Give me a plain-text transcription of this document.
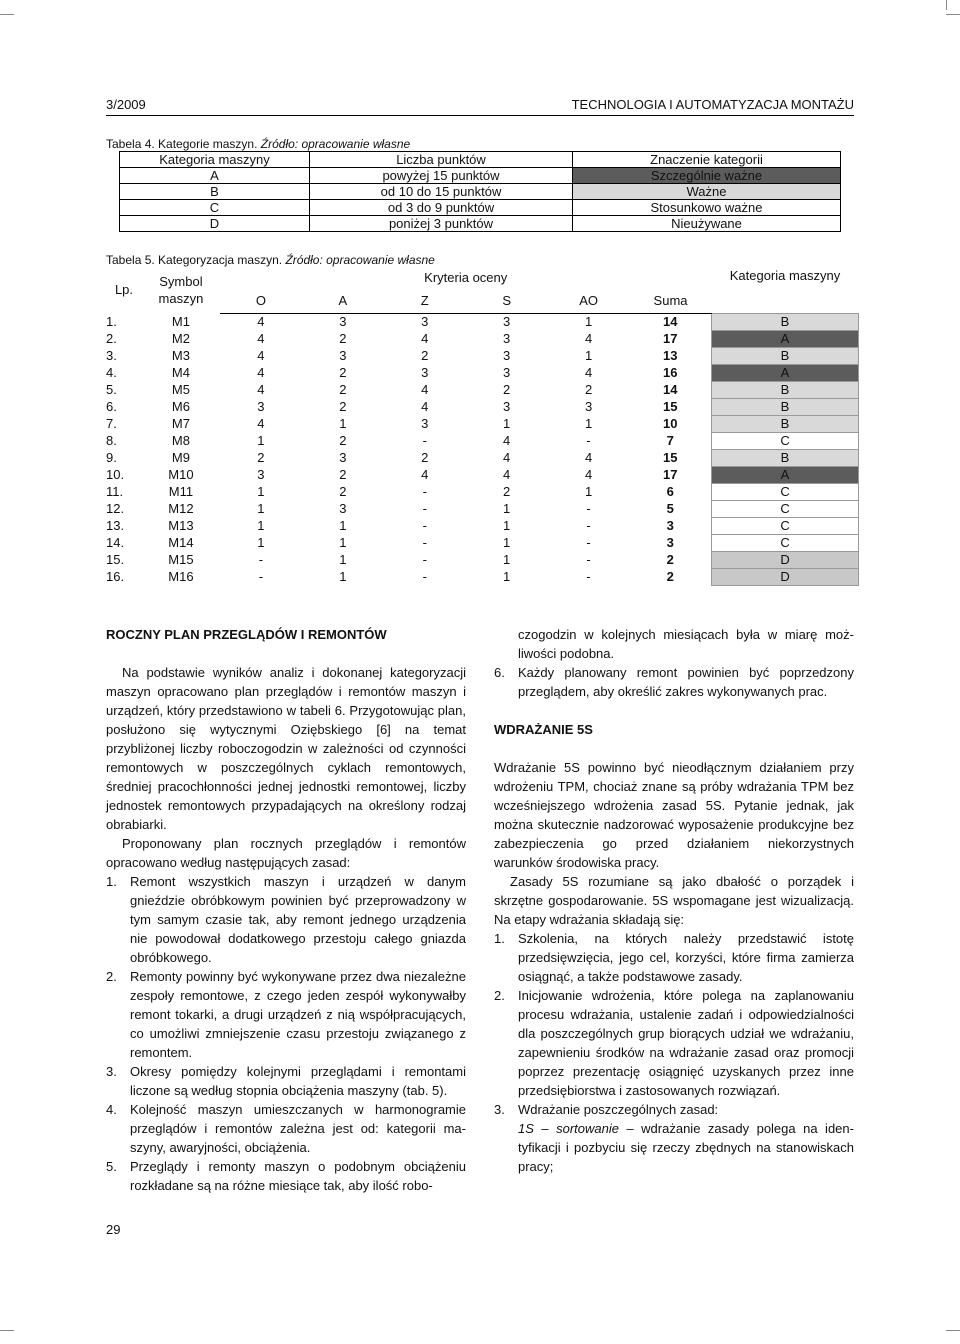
3/2009	TECHNOLOGIA I AUTOMATYZACJA MONTAŻU
Tabela 4. Kategorie maszyn. Źródło: opracowanie własne
Kategoria maszyny	Liczba punktów	Znaczenie kategorii
A	powyżej 15 punktów	Szczególnie ważne
B	od 10 do 15 punktów	Ważne
C	od 3 do 9 punktów	Stosunkowo ważne
D	poniżej 3 punktów	Nieużywane
Tabela 5. Kategoryzacja maszyn. Źródło: opracowanie własne
Lp.	Symbol maszyn	Kryteria oceny						Kategoria maszyny
		O	A	Z	S	AO	Suma	
1.	M1	4	3	3	3	1	14	B
2.	M2	4	2	4	3	4	17	A
3.	M3	4	3	2	3	1	13	B
4.	M4	4	2	3	3	4	16	A
5.	M5	4	2	4	2	2	14	B
6.	M6	3	2	4	3	3	15	B
7.	M7	4	1	3	1	1	10	B
8.	M8	1	2	-	4	-	7	C
9.	M9	2	3	2	4	4	15	B
10.	M10	3	2	4	4	4	17	A
11.	M11	1	2	-	2	1	6	C
12.	M12	1	3	-	1	-	5	C
13.	M13	1	1	-	1	-	3	C
14.	M14	1	1	-	1	-	3	C
15.	M15	-	1	-	1	-	2	D
16.	M16	-	1	-	1	-	2	D
ROCZNY PLAN PRZEGLĄDÓW I REMONTÓW

Na podstawie wyników analiz i dokonanej kategoryzacji maszyn opracowano plan przeglądów i remontów maszyn i urządzeń, który przedstawiono w tabeli 6. Przygotowując plan, posłużono się wytycznymi Oziębskiego [6] na temat przybliżonej liczby roboczogodzin w zależności od czynności remontowych w poszczególnych cyklach remontowych, średniej pracochłonności jednej jednostki remontowej, liczby jednostek remontowych przypadających na określony rodzaj obrabiarki.

Proponowany plan rocznych przeglądów i remontów opracowano według następujących zasad:

1. Remont wszystkich maszyn i urządzeń w danym gnieździe obróbkowym powinien być przeprowadzony w tym samym czasie tak, aby remont jednego urządzenia nie powodował dodatkowego przestoju całego gniazda obróbkowego.
2. Remonty powinny być wykonywane przez dwa niezależne zespoły remontowe, z czego jeden zespół wykonywałby remont tokarki, a drugi urządzeń z nią współpracujących, co umożliwi zmniejszenie czasu przestoju związanego z remontem.
3. Okresy pomiędzy kolejnymi przeglądami i remontami liczone są według stopnia obciążenia maszyny (tab. 5).
4. Kolejność maszyn umieszczanych w harmonogramie przeglądów i remontów zależna jest od: kategorii maszyny, awaryjności, obciążenia.
5. Przeglądy i remonty maszyn o podobnym obciążeniu rozkładane są na różne miesiące tak, aby ilość robo-
czogodzin w kolejnych miesiącach była w miarę możliwości podobna.
6. Każdy planowany remont powinien być poprzedzony przeglądem, aby określić zakres wykonywanych prac.
WDRAŻANIE 5S

Wdrażanie 5S powinno być nieodłącznym działaniem przy wdrożeniu TPM, chociaż znane są próby wdrażania TPM bez wcześniejszego wdrożenia zasad 5S. Pytanie jednak, jak można skutecznie nadzorować wyposażenie produkcyjne bez zabezpieczenia go przed działaniem niekorzystnych warunków środowiska pracy.

Zasady 5S rozumiane są jako dbałość o porządek i skrzętne gospodarowanie. 5S wspomagane jest wizualizacją. Na etapy wdrażania składają się:

1. Szkolenia, na których należy przedstawić istotę przedsięwzięcia, jego cel, korzyści, które firma zamierza osiągnąć, a także podstawowe zasady.
2. Inicjowanie wdrożenia, które polega na zaplanowaniu procesu wdrażania, ustalenie zadań i odpowiedzialności dla poszczególnych grup biorących udział we wdrażaniu, zapewnieniu środków na wdrażanie zasad oraz promocji poprzez prezentację osiągnięć uzyskanych przez inne przedsiębiorstwa i zastosowanych rozwiązań.
3. Wdrażanie poszczególnych zasad:
1S – sortowanie – wdrażanie zasady polega na identyfikacji i pozbyciu się rzeczy zbędnych na stanowiskach pracy;
29
